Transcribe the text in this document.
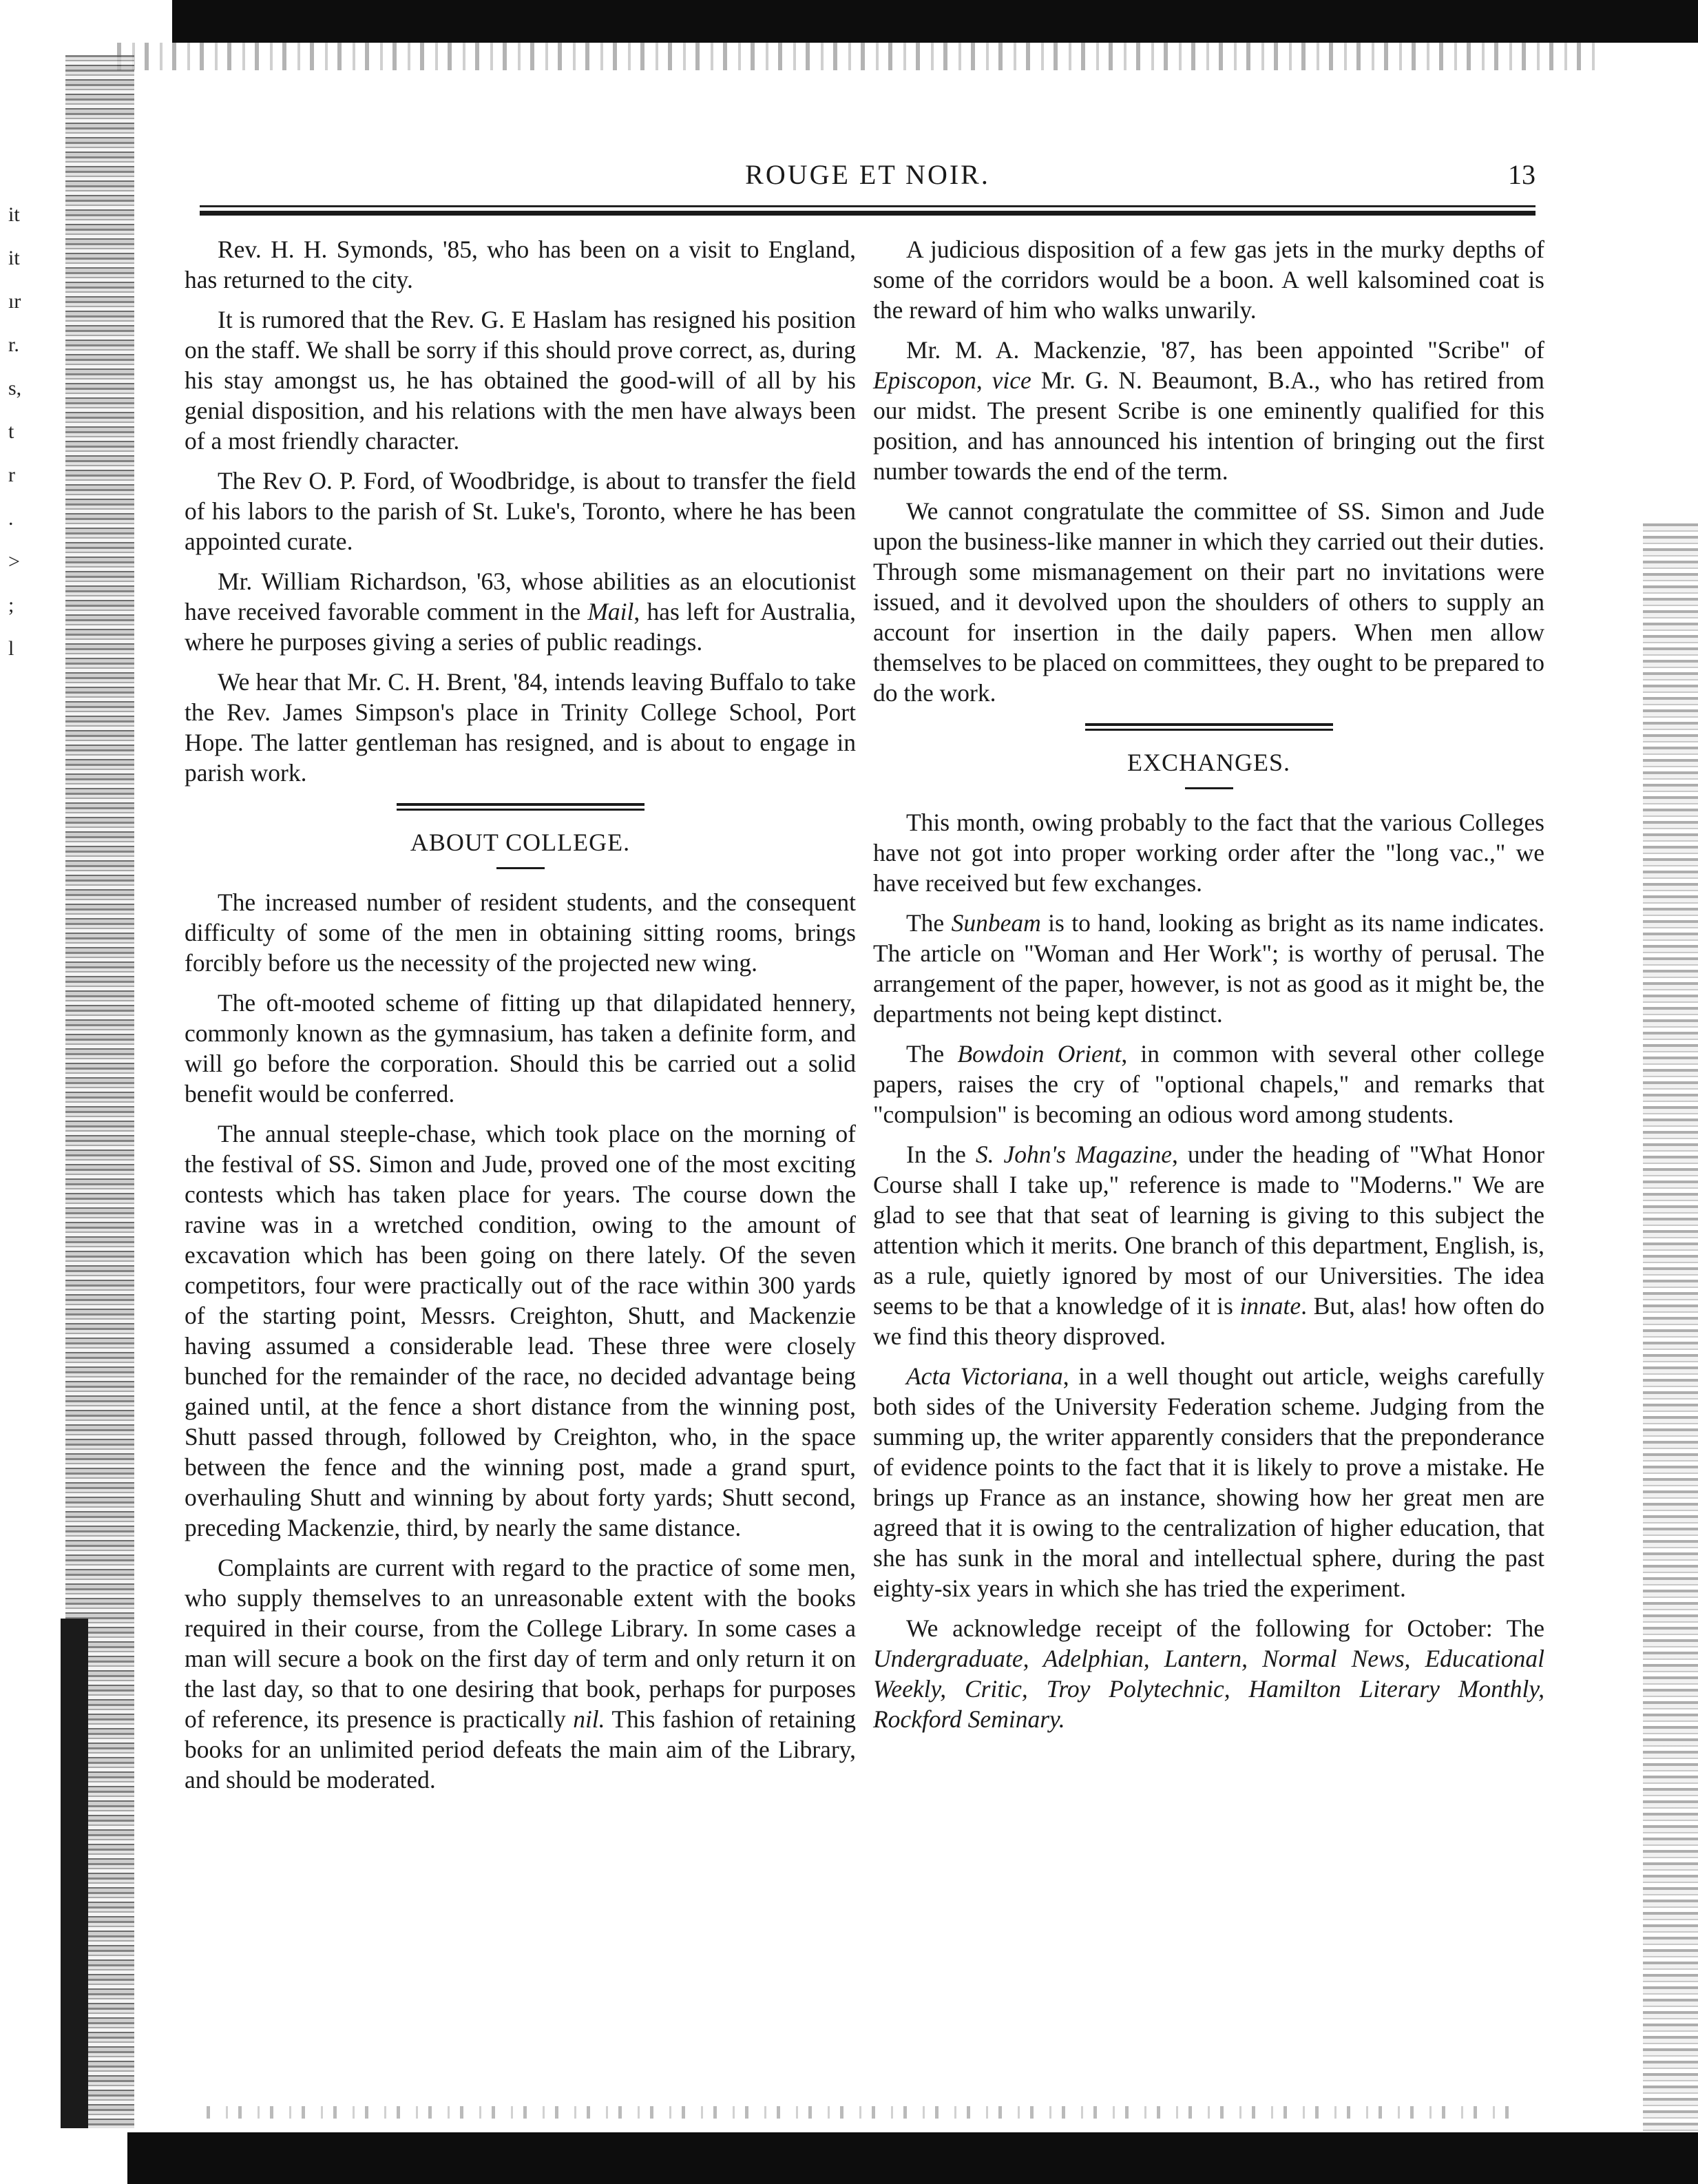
it
it
ır
r.
s,
t
r
.
>
;
l
ROUGE ET NOIR.	13

Rev. H. H. Symonds, '85, who has been on a visit to England, has returned to the city.

It is rumored that the Rev. G. E Haslam has resigned his position on the staff. We shall be sorry if this should prove correct, as, during his stay amongst us, he has obtained the good-will of all by his genial disposition, and his relations with the men have always been of a most friendly character.

The Rev O. P. Ford, of Woodbridge, is about to transfer the field of his labors to the parish of St. Luke's, Toronto, where he has been appointed curate.

Mr. William Richardson, '63, whose abilities as an elocutionist have received favorable comment in the Mail, has left for Australia, where he purposes giving a series of public readings.

We hear that Mr. C. H. Brent, '84, intends leaving Buffalo to take the Rev. James Simpson's place in Trinity College School, Port Hope. The latter gentleman has resigned, and is about to engage in parish work.

ABOUT COLLEGE.

The increased number of resident students, and the consequent difficulty of some of the men in obtaining sitting rooms, brings forcibly before us the necessity of the projected new wing.

The oft-mooted scheme of fitting up that dilapidated hennery, commonly known as the gymnasium, has taken a definite form, and will go before the corporation. Should this be carried out a solid benefit would be conferred.

The annual steeple-chase, which took place on the morning of the festival of SS. Simon and Jude, proved one of the most exciting contests which has taken place for years. The course down the ravine was in a wretched condition, owing to the amount of excavation which has been going on there lately. Of the seven competitors, four were practically out of the race within 300 yards of the starting point, Messrs. Creighton, Shutt, and Mackenzie having assumed a considerable lead. These three were closely bunched for the remainder of the race, no decided advantage being gained until, at the fence a short distance from the winning post, Shutt passed through, followed by Creighton, who, in the space between the fence and the winning post, made a grand spurt, overhauling Shutt and winning by about forty yards; Shutt second, preceding Mackenzie, third, by nearly the same distance.

Complaints are current with regard to the practice of some men, who supply themselves to an unreasonable extent with the books required in their course, from the College Library. In some cases a man will secure a book on the first day of term and only return it on the last day, so that to one desiring that book, perhaps for purposes of reference, its presence is practically nil. This fashion of retaining books for an unlimited period defeats the main aim of the Library, and should be moderated.

A judicious disposition of a few gas jets in the murky depths of some of the corridors would be a boon. A well kalsomined coat is the reward of him who walks unwarily.

Mr. M. A. Mackenzie, '87, has been appointed "Scribe" of Episcopon, vice Mr. G. N. Beaumont, B.A., who has retired from our midst. The present Scribe is one eminently qualified for this position, and has announced his intention of bringing out the first number towards the end of the term.

We cannot congratulate the committee of SS. Simon and Jude upon the business-like manner in which they carried out their duties. Through some mismanagement on their part no invitations were issued, and it devolved upon the shoulders of others to supply an account for insertion in the daily papers. When men allow themselves to be placed on committees, they ought to be prepared to do the work.

EXCHANGES.

This month, owing probably to the fact that the various Colleges have not got into proper working order after the "long vac.," we have received but few exchanges.

The Sunbeam is to hand, looking as bright as its name indicates. The article on "Woman and Her Work"; is worthy of perusal. The arrangement of the paper, however, is not as good as it might be, the departments not being kept distinct.

The Bowdoin Orient, in common with several other college papers, raises the cry of "optional chapels," and remarks that "compulsion" is becoming an odious word among students.

In the S. John's Magazine, under the heading of "What Honor Course shall I take up," reference is made to "Moderns." We are glad to see that that seat of learning is giving to this subject the attention which it merits. One branch of this department, English, is, as a rule, quietly ignored by most of our Universities. The idea seems to be that a knowledge of it is innate. But, alas! how often do we find this theory disproved.

Acta Victoriana, in a well thought out article, weighs carefully both sides of the University Federation scheme. Judging from the summing up, the writer apparently considers that the preponderance of evidence points to the fact that it is likely to prove a mistake. He brings up France as an instance, showing how her great men are agreed that it is owing to the centralization of higher education, that she has sunk in the moral and intellectual sphere, during the past eighty-six years in which she has tried the experiment.

We acknowledge receipt of the following for October: The Undergraduate, Adelphian, Lantern, Normal News, Educational Weekly, Critic, Troy Polytechnic, Hamilton Literary Monthly, Rockford Seminary.
